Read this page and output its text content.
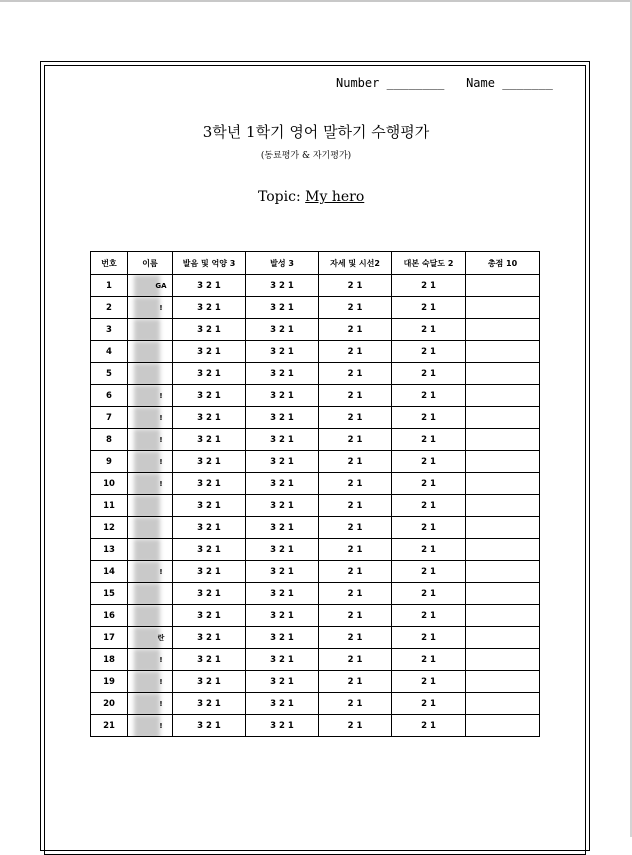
Number ________ Name _______
3학년 1학기 영어 말하기 수행평가
(동료평가 & 자기평가)
Topic: My hero
번호	이름	발음 및 억양 3	발성 3	자세 및 시선2	대본 숙달도 2	총점 10
1	GA	3 2 1	3 2 1	2 1	2 1	
2	!	3 2 1	3 2 1	2 1	2 1	
3		3 2 1	3 2 1	2 1	2 1	
4		3 2 1	3 2 1	2 1	2 1	
5		3 2 1	3 2 1	2 1	2 1	
6	!	3 2 1	3 2 1	2 1	2 1	
7	!	3 2 1	3 2 1	2 1	2 1	
8	!	3 2 1	3 2 1	2 1	2 1	
9	!	3 2 1	3 2 1	2 1	2 1	
10	!	3 2 1	3 2 1	2 1	2 1	
11		3 2 1	3 2 1	2 1	2 1	
12		3 2 1	3 2 1	2 1	2 1	
13		3 2 1	3 2 1	2 1	2 1	
14	!	3 2 1	3 2 1	2 1	2 1	
15		3 2 1	3 2 1	2 1	2 1	
16		3 2 1	3 2 1	2 1	2 1	
17	란	3 2 1	3 2 1	2 1	2 1	
18	!	3 2 1	3 2 1	2 1	2 1	
19	!	3 2 1	3 2 1	2 1	2 1	
20	!	3 2 1	3 2 1	2 1	2 1	
21	!	3 2 1	3 2 1	2 1	2 1	
